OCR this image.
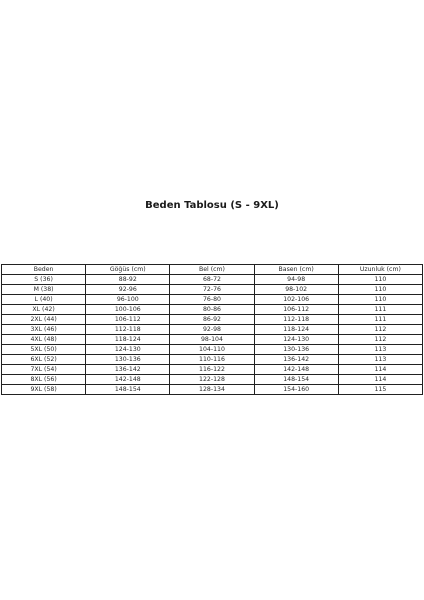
Beden Tablosu (S - 9XL)
Beden	Göğüs (cm)	Bel (cm)	Basen (cm)	Uzunluk (cm)
S (36)	88-92	68-72	94-98	110
M (38)	92-96	72-76	98-102	110
L (40)	96-100	76-80	102-106	110
XL (42)	100-106	80-86	106-112	111
2XL (44)	106-112	86-92	112-118	111
3XL (46)	112-118	92-98	118-124	112
4XL (48)	118-124	98-104	124-130	112
5XL (50)	124-130	104-110	130-136	113
6XL (52)	130-136	110-116	136-142	113
7XL (54)	136-142	116-122	142-148	114
8XL (56)	142-148	122-128	148-154	114
9XL (58)	148-154	128-134	154-160	115
